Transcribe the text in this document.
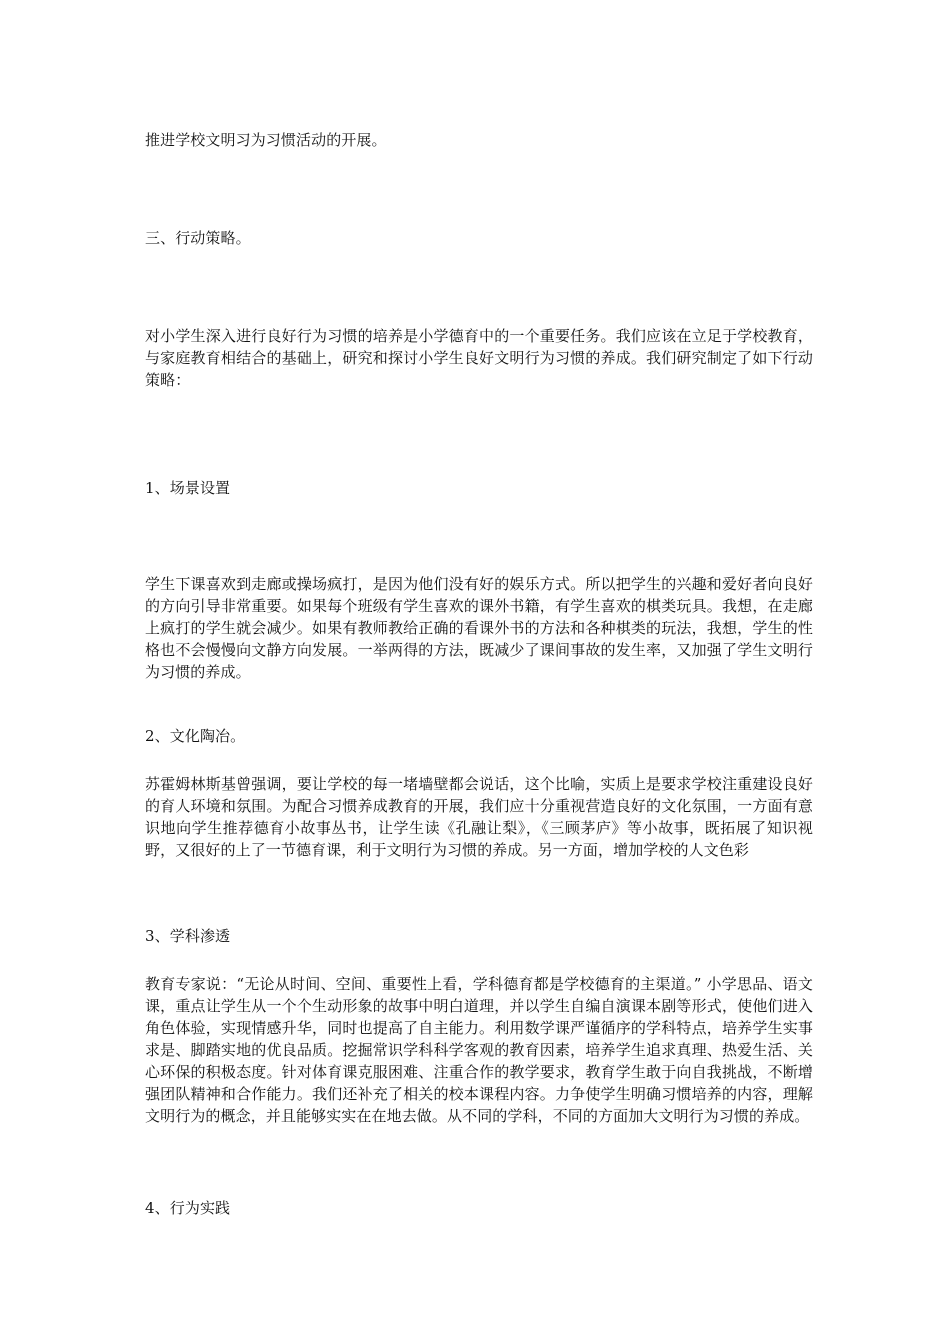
推进学校文明习为习惯活动的开展。
三、行动策略。
对小学生深入进行良好行为习惯的培养是小学德育中的一个重要任务。我们应该在立足于学校教育，与家庭教育相结合的基础上，研究和探讨小学生良好文明行为习惯的养成。我们研究制定了如下行动策略：
1、场景设置
学生下课喜欢到走廊或操场疯打，是因为他们没有好的娱乐方式。所以把学生的兴趣和爱好者向良好的方向引导非常重要。如果每个班级有学生喜欢的课外书籍，有学生喜欢的棋类玩具。我想，在走廊上疯打的学生就会减少。如果有教师教给正确的看课外书的方法和各种棋类的玩法，我想，学生的性格也不会慢慢向文静方向发展。一举两得的方法，既减少了课间事故的发生率，又加强了学生文明行为习惯的养成。
2、文化陶冶。
苏霍姆林斯基曾强调，要让学校的每一堵墙壁都会说话，这个比喻，实质上是要求学校注重建设良好的育人环境和氛围。为配合习惯养成教育的开展，我们应十分重视营造良好的文化氛围，一方面有意识地向学生推荐德育小故事丛书，让学生读《孔融让梨》，《三顾茅庐》等小故事，既拓展了知识视野，又很好的上了一节德育课，利于文明行为习惯的养成。另一方面，增加学校的人文色彩
3、学科渗透
教育专家说：“无论从时间、空间、重要性上看，学科德育都是学校德育的主渠道。” 小学思品、语文课，重点让学生从一个个生动形象的故事中明白道理，并以学生自编自演课本剧等形式，使他们进入角色体验，实现情感升华，同时也提高了自主能力。利用数学课严谨循序的学科特点，培养学生实事求是、脚踏实地的优良品质。挖掘常识学科科学客观的教育因素，培养学生追求真理、热爱生活、关心环保的积极态度。针对体育课克服困难、注重合作的教学要求，教育学生敢于向自我挑战，不断增强团队精神和合作能力。我们还补充了相关的校本课程内容。力争使学生明确习惯培养的内容，理解文明行为的概念，并且能够实实在在地去做。从不同的学科，不同的方面加大文明行为习惯的养成。
4、行为实践
